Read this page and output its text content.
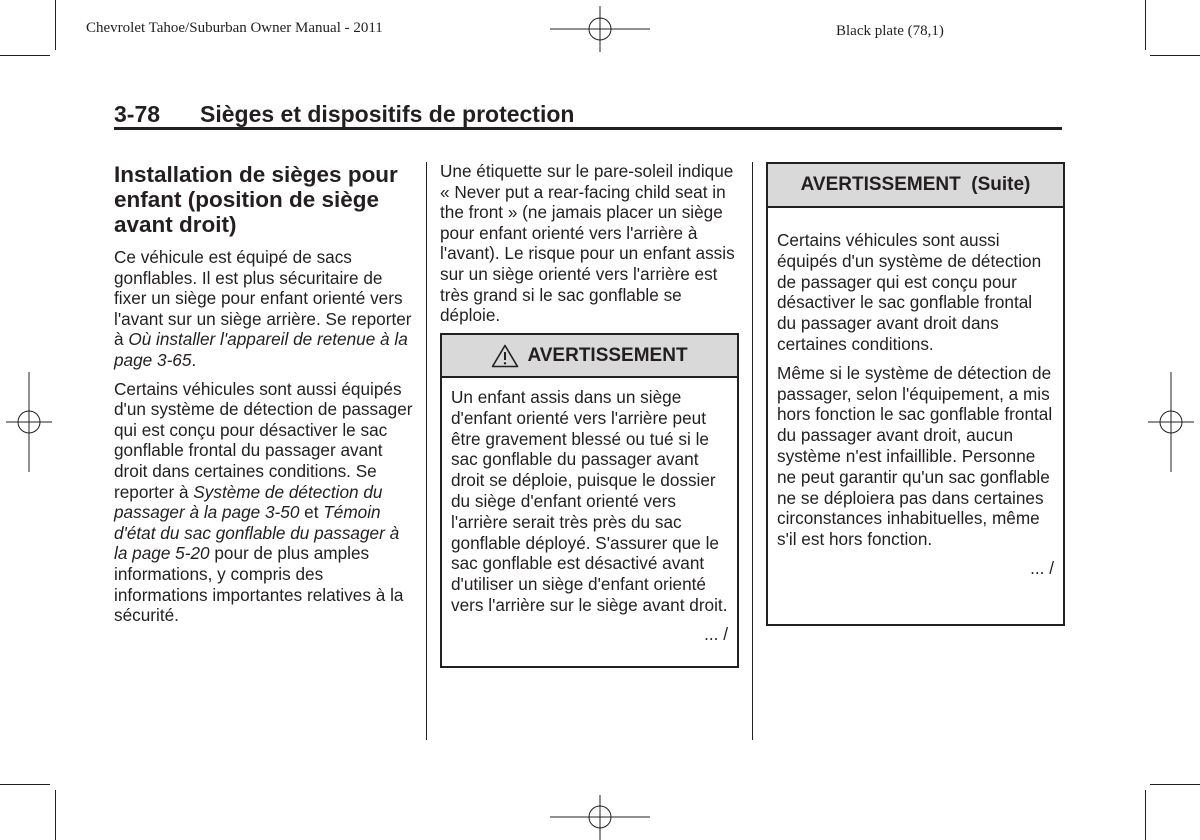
Chevrolet Tahoe/Suburban Owner Manual - 2011	Black plate (78,1)
3-78 Sièges et dispositifs de protection
Installation de sièges pour enfant (position de siège avant droit)

Ce véhicule est équipé de sacs gonflables. Il est plus sécuritaire de fixer un siège pour enfant orienté vers l'avant sur un siège arrière. Se reporter à Où installer l'appareil de retenue à la page 3-65.

Certains véhicules sont aussi équipés d'un système de détection de passager qui est conçu pour désactiver le sac gonflable frontal du passager avant droit dans certaines conditions. Se reporter à Système de détection du passager à la page 3-50 et Témoin d'état du sac gonflable du passager à la page 5-20 pour de plus amples informations, y compris des informations importantes relatives à la sécurité.

Une étiquette sur le pare-soleil indique « Never put a rear-facing child seat in the front » (ne jamais placer un siège pour enfant orienté vers l'arrière à l'avant). Le risque pour un enfant assis sur un siège orienté vers l'arrière est très grand si le sac gonflable se déploie.

AVERTISSEMENT

Un enfant assis dans un siège d'enfant orienté vers l'arrière peut être gravement blessé ou tué si le sac gonflable du passager avant droit se déploie, puisque le dossier du siège d'enfant orienté vers l'arrière serait très près du sac gonflable déployé. S'assurer que le sac gonflable est désactivé avant d'utiliser un siège d'enfant orienté vers l'arrière sur le siège avant droit.

... /
AVERTISSEMENT  (Suite)

Certains véhicules sont aussi équipés d'un système de détection de passager qui est conçu pour désactiver le sac gonflable frontal du passager avant droit dans certaines conditions.

Même si le système de détection de passager, selon l'équipement, a mis hors fonction le sac gonflable frontal du passager avant droit, aucun système n'est infaillible. Personne ne peut garantir qu'un sac gonflable ne se déploiera pas dans certaines circonstances inhabituelles, même s'il est hors fonction.

... /
